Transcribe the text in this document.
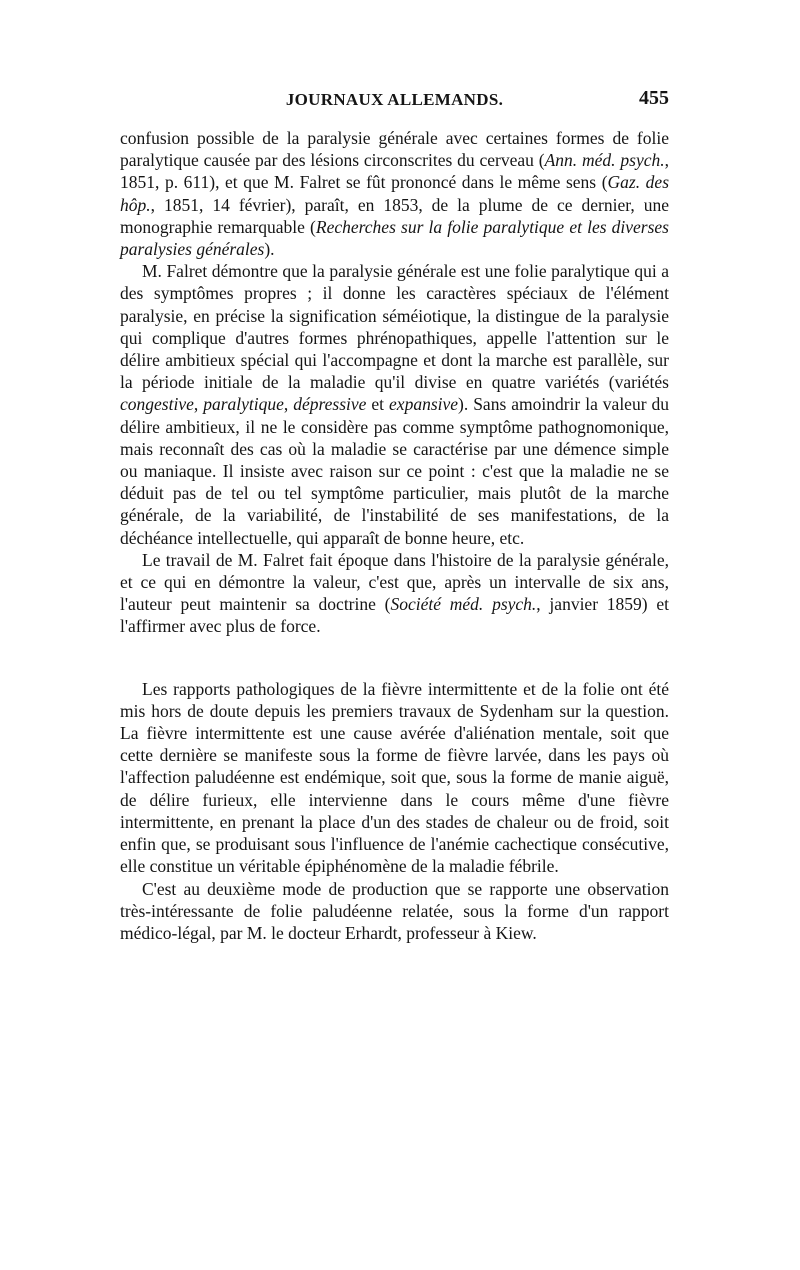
JOURNAUX ALLEMANDS.	455

confusion possible de la paralysie générale avec certaines formes de folie paralytique causée par des lésions circonscrites du cerveau (Ann. méd. psych., 1851, p. 611), et que M. Falret se fût prononcé dans le même sens (Gaz. des hôp., 1851, 14 février), paraît, en 1853, de la plume de ce dernier, une monographie remarquable (Recherches sur la folie paralytique et les diverses paralysies générales).

M. Falret démontre que la paralysie générale est une folie paralytique qui a des symptômes propres ; il donne les caractères spéciaux de l'élément paralysie, en précise la signification séméiotique, la distingue de la paralysie qui complique d'autres formes phrénopathiques, appelle l'attention sur le délire ambitieux spécial qui l'accompagne et dont la marche est parallèle, sur la période initiale de la maladie qu'il divise en quatre variétés (variétés congestive, paralytique, dépressive et expansive). Sans amoindrir la valeur du délire ambitieux, il ne le considère pas comme symptôme pathognomonique, mais reconnaît des cas où la maladie se caractérise par une démence simple ou maniaque. Il insiste avec raison sur ce point : c'est que la maladie ne se déduit pas de tel ou tel symptôme particulier, mais plutôt de la marche générale, de la variabilité, de l'instabilité de ses manifestations, de la déchéance intellectuelle, qui apparaît de bonne heure, etc.

Le travail de M. Falret fait époque dans l'histoire de la paralysie générale, et ce qui en démontre la valeur, c'est que, après un intervalle de six ans, l'auteur peut maintenir sa doctrine (Société méd. psych., janvier 1859) et l'affirmer avec plus de force.

Les rapports pathologiques de la fièvre intermittente et de la folie ont été mis hors de doute depuis les premiers travaux de Sydenham sur la question. La fièvre intermittente est une cause avérée d'aliénation mentale, soit que cette dernière se manifeste sous la forme de fièvre larvée, dans les pays où l'affection paludéenne est endémique, soit que, sous la forme de manie aiguë, de délire furieux, elle intervienne dans le cours même d'une fièvre intermittente, en prenant la place d'un des stades de chaleur ou de froid, soit enfin que, se produisant sous l'influence de l'anémie cachectique consécutive, elle constitue un véritable épiphénomène de la maladie fébrile.

C'est au deuxième mode de production que se rapporte une observation très-intéressante de folie paludéenne relatée, sous la forme d'un rapport médico-légal, par M. le docteur Erhardt, professeur à Kiew.
